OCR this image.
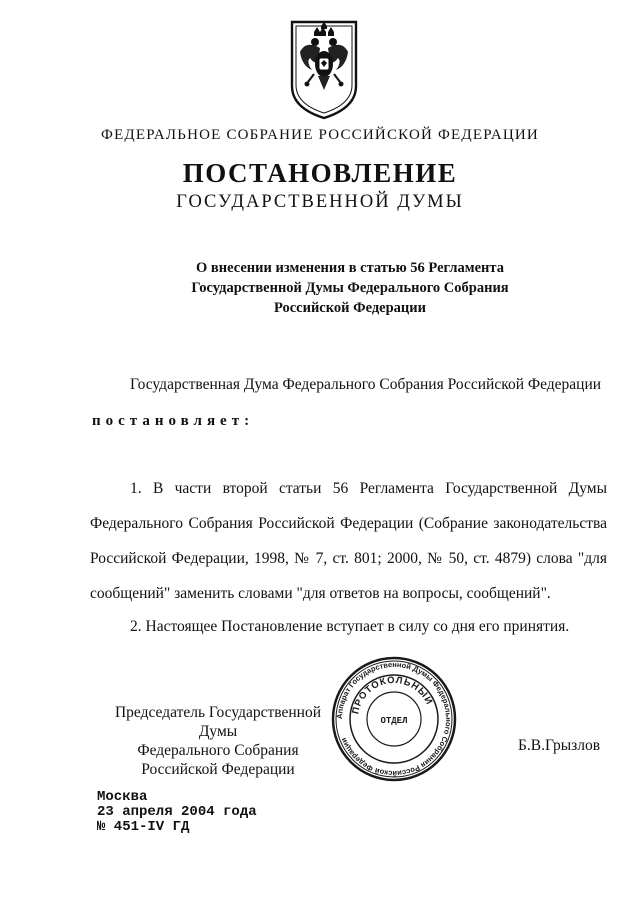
ФЕДЕРАЛЬНОЕ СОБРАНИЕ РОССИЙСКОЙ ФЕДЕРАЦИИ
ПОСТАНОВЛЕНИЕ
ГОСУДАРСТВЕННОЙ ДУМЫ
О внесении изменения в статью 56 Регламента
Государственной Думы Федерального Собрания
Российской Федерации
Государственная Дума Федерального Собрания Российской Федерации
постановляет:
1. В части второй статьи 56 Регламента Государственной Думы Федерального Собрания Российской Федерации (Собрание законодательства Российской Федерации, 1998, № 7, ст. 801; 2000, № 50, ст. 4879) слова "для сообщений" заменить словами "для ответов на вопросы, сообщений".
2. Настоящее Постановление вступает в силу со дня его принятия.
Председатель Государственной Думы
Федерального Собрания
Российской Федерации
Аппарат Государственной Думы Федерального Собрания Российской Федерации
ПРОТОКОЛЬНЫЙ
ОТДЕЛ
Б.В.Грызлов
Москва
23 апреля 2004 года
№ 451-IV ГД
